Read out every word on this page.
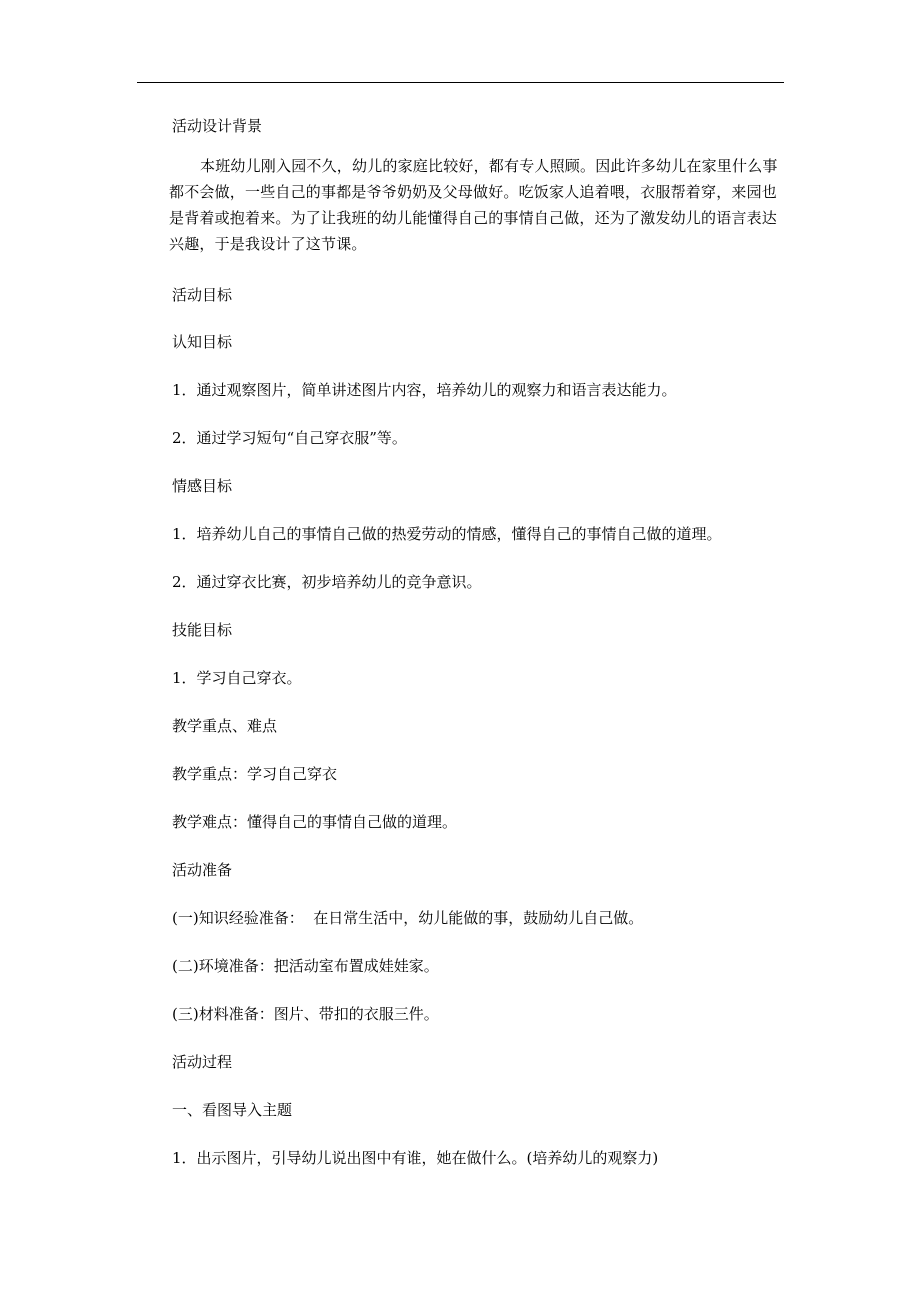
活动设计背景
本班幼儿刚入园不久，幼儿的家庭比较好，都有专人照顾。因此许多幼儿在家里什么事都不会做，一些自己的事都是爷爷奶奶及父母做好。吃饭家人追着喂，衣服帮着穿，来园也是背着或抱着来。为了让我班的幼儿能懂得自己的事情自己做，还为了激发幼儿的语言表达兴趣，于是我设计了这节课。
活动目标
认知目标
1．通过观察图片，简单讲述图片内容，培养幼儿的观察力和语言表达能力。
2．通过学习短句“自己穿衣服”等。
情感目标
1．培养幼儿自己的事情自己做的热爱劳动的情感，懂得自己的事情自己做的道理。
2．通过穿衣比赛，初步培养幼儿的竞争意识。
技能目标
1．学习自己穿衣。
教学重点、难点
教学重点：学习自己穿衣
教学难点：懂得自己的事情自己做的道理。
活动准备
(一)知识经验准备：  在日常生活中，幼儿能做的事，鼓励幼儿自己做。
(二)环境准备：把活动室布置成娃娃家。
(三)材料准备：图片、带扣的衣服三件。
活动过程
一、看图导入主题
1．出示图片，引导幼儿说出图中有谁，她在做什么。(培养幼儿的观察力)
